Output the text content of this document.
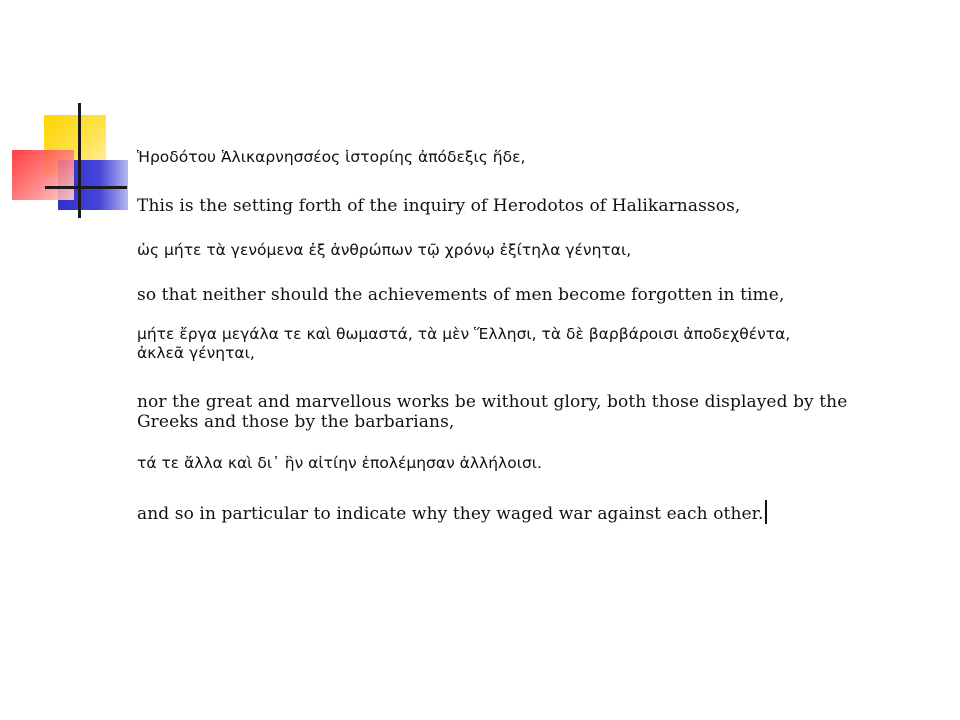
Ἡροδότου Ἁλικαρνησσέος ἱστορίης ἀπόδεξις ἥδε,

This is the setting forth of the inquiry of Herodotos of Halikarnassos,

ὡς μήτε τὰ γενόμενα ἐξ ἀνθρώπων τῷ χρόνῳ ἐξίτηλα γένηται,

so that neither should the achievements of men become forgotten in time,

μήτε ἔργα μεγάλα τε καὶ θωμαστά, τὰ μὲν Ἕλλησι, τὰ δὲ βαρβάροισι ἀποδεχθέντα, ἀκλεᾶ γένηται,

nor the great and marvellous works be without glory, both those displayed by the Greeks and those by the barbarians,

τά τε ἄλλα καὶ δι᾽ ἣν αἰτίην ἐπολέμησαν ἀλλήλοισι.

and so in particular to indicate why they waged war against each other.
